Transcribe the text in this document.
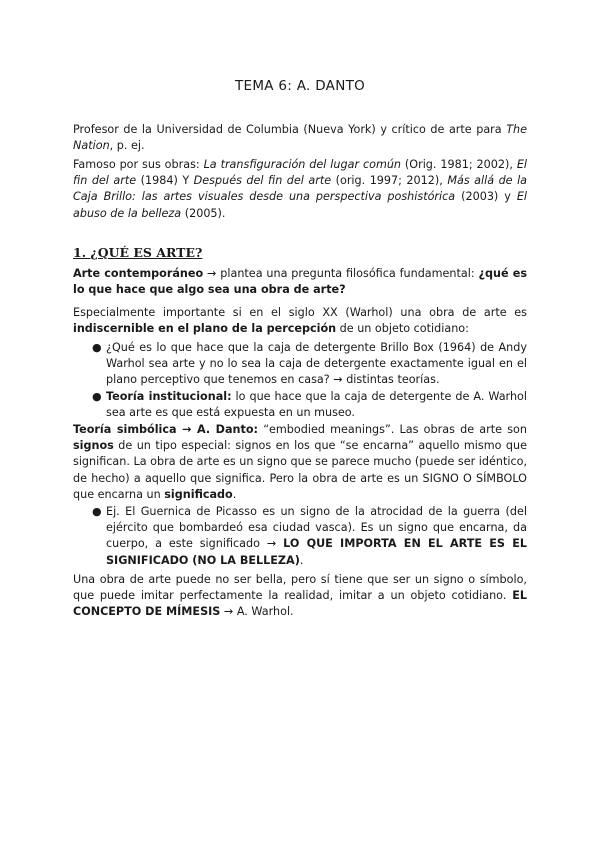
TEMA 6: A. DANTO

Profesor de la Universidad de Columbia (Nueva York) y crítico de arte para The Nation, p. ej.

Famoso por sus obras: La transfiguración del lugar común (Orig. 1981; 2002), El fin del arte (1984) Y Después del fin del arte (orig. 1997; 2012), Más allá de la Caja Brillo: las artes visuales desde una perspectiva poshistórica (2003) y El abuso de la belleza (2005).

1. ¿QUÉ ES ARTE?

Arte contemporáneo → plantea una pregunta filosófica fundamental: ¿qué es lo que hace que algo sea una obra de arte?

Especialmente importante si en el siglo XX (Warhol) una obra de arte es indiscernible en el plano de la percepción de un objeto cotidiano:

● ¿Qué es lo que hace que la caja de detergente Brillo Box (1964) de Andy Warhol sea arte y no lo sea la caja de detergente exactamente igual en el plano perceptivo que tenemos en casa? → distintas teorías.
● Teoría institucional: lo que hace que la caja de detergente de A. Warhol sea arte es que está expuesta en un museo.

Teoría simbólica → A. Danto: “embodied meanings”. Las obras de arte son signos de un tipo especial: signos en los que “se encarna” aquello mismo que significan. La obra de arte es un signo que se parece mucho (puede ser idéntico, de hecho) a aquello que significa. Pero la obra de arte es un SIGNO O SÍMBOLO que encarna un significado.

● Ej. El Guernica de Picasso es un signo de la atrocidad de la guerra (del ejército que bombardeó esa ciudad vasca). Es un signo que encarna, da cuerpo, a este significado → LO QUE IMPORTA EN EL ARTE ES EL SIGNIFICADO (NO LA BELLEZA).

Una obra de arte puede no ser bella, pero sí tiene que ser un signo o símbolo, que puede imitar perfectamente la realidad, imitar a un objeto cotidiano. EL CONCEPTO DE MÍMESIS → A. Warhol.
